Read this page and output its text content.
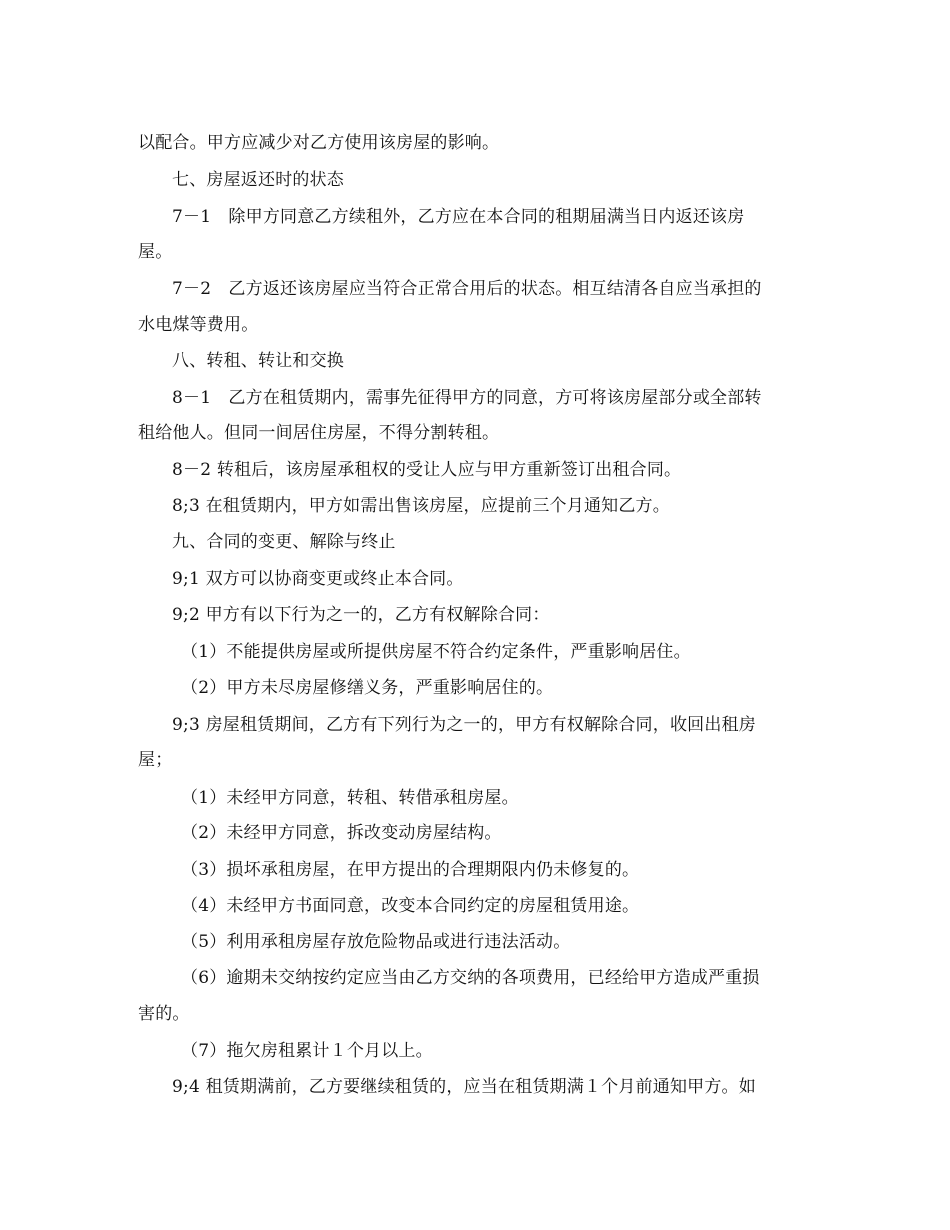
以配合。甲方应减少对乙方使用该房屋的影响。
七、房屋返还时的状态
7－1　除甲方同意乙方续租外，乙方应在本合同的租期届满当日内返还该房
屋。
7－2　乙方返还该房屋应当符合正常合用后的状态。相互结清各自应当承担的
水电煤等费用。
八、转租、转让和交换
8－1　乙方在租赁期内，需事先征得甲方的同意，方可将该房屋部分或全部转
租给他人。但同一间居住房屋，不得分割转租。
8－2 转租后，该房屋承租权的受让人应与甲方重新签订出租合同。
8;3 在租赁期内，甲方如需出售该房屋，应提前三个月通知乙方。
九、合同的变更、解除与终止
9;1 双方可以协商变更或终止本合同。
9;2 甲方有以下行为之一的，乙方有权解除合同：
（1）不能提供房屋或所提供房屋不符合约定条件，严重影响居住。
（2）甲方未尽房屋修缮义务，严重影响居住的。
9;3 房屋租赁期间，乙方有下列行为之一的，甲方有权解除合同，收回出租房
屋；
（1）未经甲方同意，转租、转借承租房屋。
（2）未经甲方同意，拆改变动房屋结构。
（3）损坏承租房屋，在甲方提出的合理期限内仍未修复的。
（4）未经甲方书面同意，改变本合同约定的房屋租赁用途。
（5）利用承租房屋存放危险物品或进行违法活动。
（6）逾期未交纳按约定应当由乙方交纳的各项费用，已经给甲方造成严重损
害的。
（7）拖欠房租累计１个月以上。
9;4 租赁期满前，乙方要继续租赁的，应当在租赁期满１个月前通知甲方。如
